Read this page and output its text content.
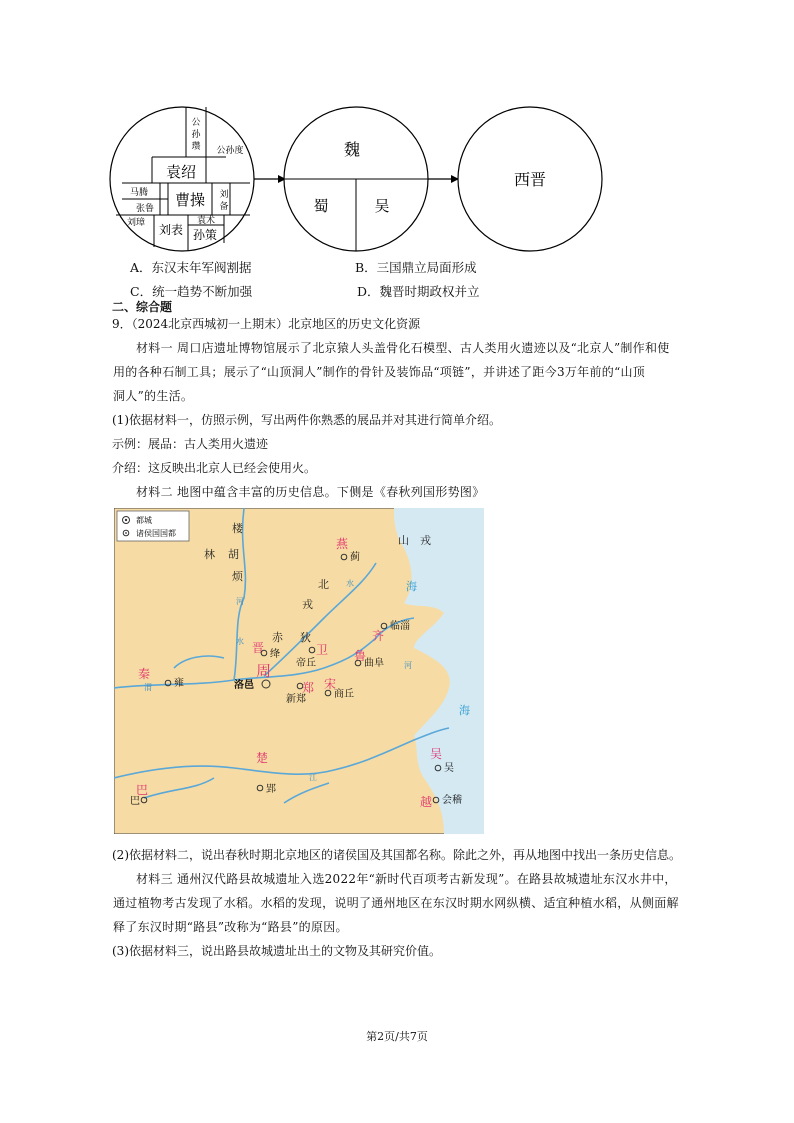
公
孙
瓒 公孙度
袁绍
马腾
张鲁 曹操 刘
备
刘璋 刘表
袁术
孙策
魏
蜀	吴
西晋
A．东汉末年军阀割据	B．三国鼎立局面形成
C．统一趋势不断加强	D．魏晋时期政权并立
二、综合题
9．（2024北京西城初一上期末）北京地区的历史文化资源
材料一 周口店遗址博物馆展示了北京猿人头盖骨化石模型、古人类用火遗迹以及“北京人”制作和使
用的各种石制工具；展示了“山顶洞人”制作的骨针及装饰品“项链”，并讲述了距今3万年前的“山顶
洞人”的生活。
(1)依据材料一，仿照示例，写出两件你熟悉的展品并对其进行简单介绍。
示例：展品：古人类用火遗迹
介绍：这反映出北京人已经会使用火。
材料二 地图中蕴含丰富的历史信息。下侧是《春秋列国形势图》
都城
诸侯国国都	楼
烦
林 胡
山 戎
北
戎
赤 狄
河
水
渭
河
水
江
海
海
燕
齐
鲁
卫
晋
周
郑 宋
秦
楚	吴
越
巴
蓟
临淄
曲阜
帝丘
绛
洛邑
新郑	商丘
雍
郢
吴
会稽
巴
(2)依据材料二，说出春秋时期北京地区的诸侯国及其国都名称。除此之外，再从地图中找出一条历史信息。
材料三 通州汉代路县故城遗址入选2022年“新时代百项考古新发现”。在路县故城遗址东汉水井中，
通过植物考古发现了水稻。水稻的发现，说明了通州地区在东汉时期水网纵横、适宜种植水稻，从侧面解
释了东汉时期“路县”改称为“路县”的原因。
(3)依据材料三，说出路县故城遗址出土的文物及其研究价值。
第2页/共7页
